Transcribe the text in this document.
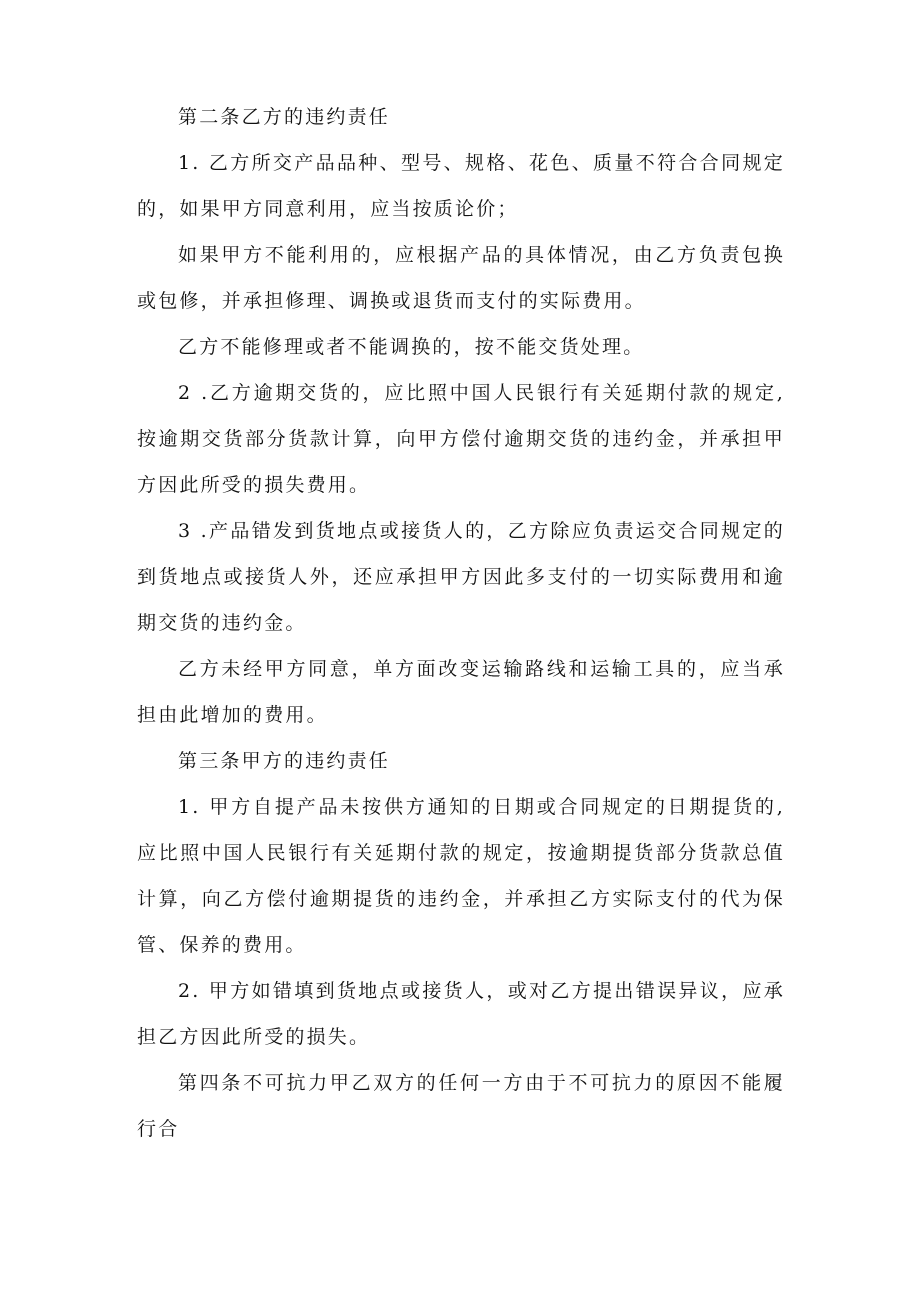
第二条乙方的违约责任

1. 乙方所交产品品种、型号、规格、花色、质量不符合合同规定的，如果甲方同意利用，应当按质论价；

如果甲方不能利用的，应根据产品的具体情况，由乙方负责包换或包修，并承担修理、调换或退货而支付的实际费用。

乙方不能修理或者不能调换的，按不能交货处理。

2 .乙方逾期交货的，应比照中国人民银行有关延期付款的规定,按逾期交货部分货款计算，向甲方偿付逾期交货的违约金，并承担甲方因此所受的损失费用。

3 .产品错发到货地点或接货人的，乙方除应负责运交合同规定的到货地点或接货人外，还应承担甲方因此多支付的一切实际费用和逾期交货的违约金。

乙方未经甲方同意，单方面改变运输路线和运输工具的，应当承担由此增加的费用。

第三条甲方的违约责任

1. 甲方自提产品未按供方通知的日期或合同规定的日期提货的,应比照中国人民银行有关延期付款的规定，按逾期提货部分货款总值计算，向乙方偿付逾期提货的违约金，并承担乙方实际支付的代为保管、保养的费用。

2. 甲方如错填到货地点或接货人，或对乙方提出错误异议，应承担乙方因此所受的损失。

第四条不可抗力甲乙双方的任何一方由于不可抗力的原因不能履行合
